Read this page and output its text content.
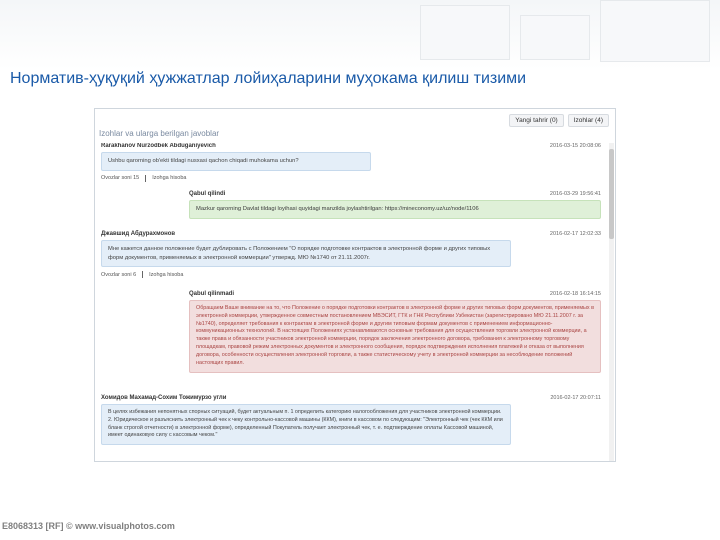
Норматив-ҳуқуқий ҳужжатлар лойиҳаларини муҳокама қилиш тизими
Yangi tahrir (0)	Izohlar (4)
Izohlar va ularga berilgan javoblar
Rarakhanov Nurzodbek Abduganiyevich	2016-03-15 20:08:06
Ushbu qarorning ob'ekti tildagi nusxasi qachon chiqadi muhokama uchun?
Ovozlar soni 15 Izohga hisoba
Qabul qilindi	2016-03-29 19:56:41
Mazkur qarorning Davlat tildagi loyihasi quyidagi manzilda joylashtirilgan: https://mineconomy.uz/uz/node/1106
Джавшид Абдурахмонов	2016-02-17 12:02:33
Мне кажется данное положение будет дублировать с Положением "О порядке подготовке контрактов в электронной форме и других типовых форм документов, применяемых в электронной коммерции" утвержд. МЮ №1740 от 21.11.2007г.
Ovozlar soni 6 Izohga hisoba
Qabul qilinmadi	2016-02-18 16:14:15
Обращаем Ваше внимание на то, что Положение о порядке подготовки контрактов в электронной форме и других типовых форм документов, применяемых в электронной коммерции, утвержденное совместным постановлением МВЭСИТ, ГТК и ГНК Республики Узбекистан (зарегистрировано МЮ 21.11.2007 г. за №1740), определяет требования к контрактам в электронной форме и другим типовым формам документов с применением информационно-коммуникационных технологий. В настоящих Положениях устанавливаются основные требования для осуществления торговли электронной коммерции, а также права и обязанности участников электронной коммерции, порядок заключения электронного договора, требования к электронному торговому площадкам, правовой режим электронных документов и электронного сообщения, порядок подтверждения исполнения платежей и отказа от выполнения договора, особенности осуществления электронной торговли, а также статистическому учету в электронной коммерции за несоблюдение положений настоящих правил.
Хомидов Махамад-Сохим Тожимурзо угли	2016-02-17 20:07:11
В целях избежания непонятных спорных ситуаций, будет актуальным п. 1 определить категорию налогообложения для участников электронной коммерции. 2. Юридическое и разъяснить электронный чек к чеку контрольно-кассовой машины (ККМ), книги в кассовом по следующим: "Электронный чек (чек ККМ или бланк строгой отчетности) в электронной форме), определенный Покупатель получает электронный чек, т. е. подтверждение оплаты Кассовой машиной, имеет одинаковую силу с кассовым чеком."
E8068313 [RF] © www.visualphotos.com
